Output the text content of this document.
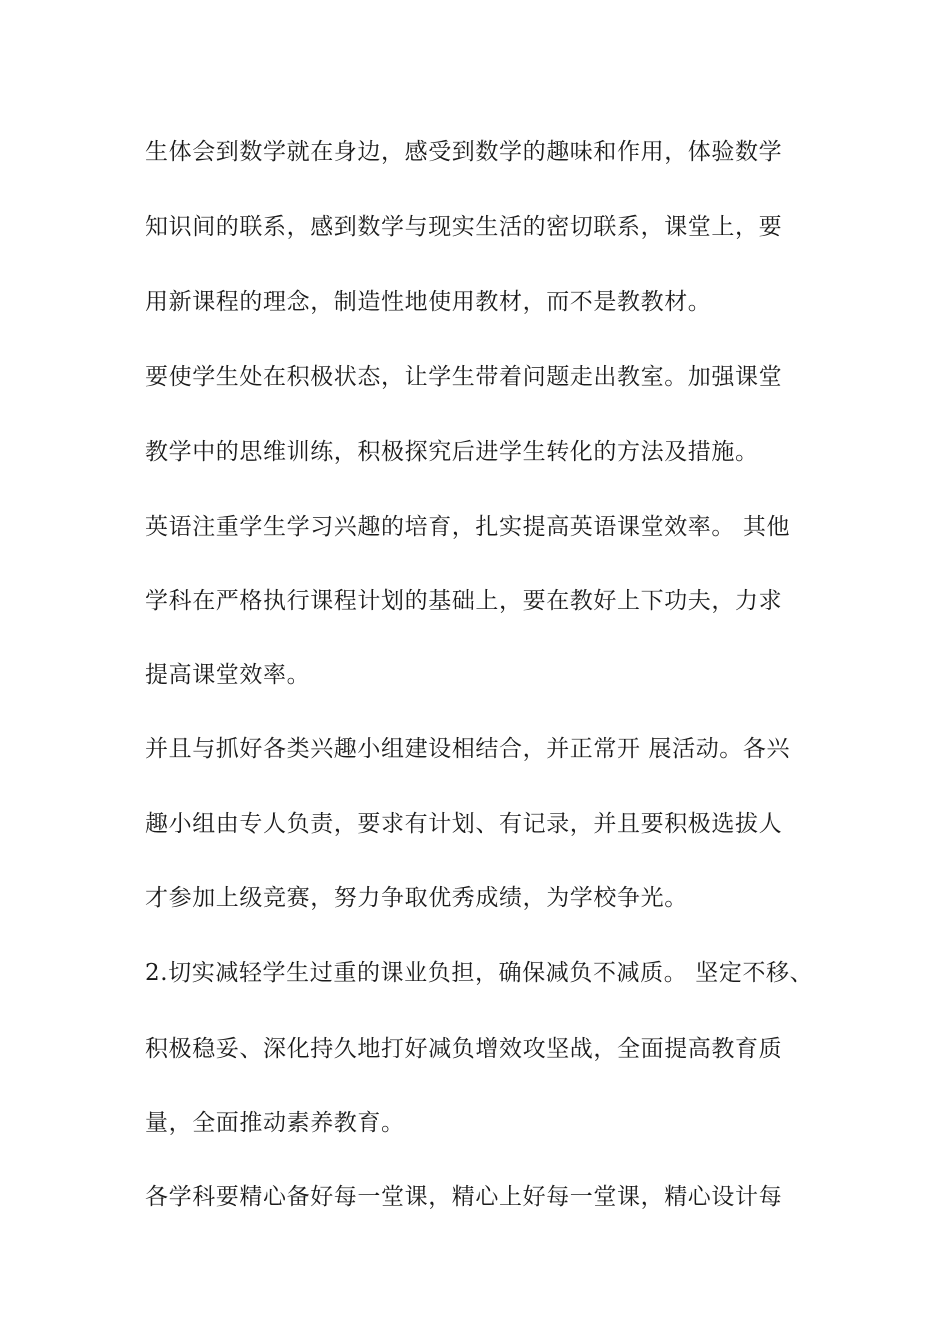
生体会到数学就在身边，感受到数学的趣味和作用，体验数学
知识间的联系，感到数学与现实生活的密切联系，课堂上，要
用新课程的理念，制造性地使用教材，而不是教教材。
要使学生处在积极状态，让学生带着问题走出教室。加强课堂
教学中的思维训练，积极探究后进学生转化的方法及措施。
英语注重学生学习兴趣的培育，扎实提高英语课堂效率。 其他
学科在严格执行课程计划的基础上，要在教好上下功夫，力求
提高课堂效率。
并且与抓好各类兴趣小组建设相结合，并正常开 展活动。各兴
趣小组由专人负责，要求有计划、有记录，并且要积极选拔人
才参加上级竞赛，努力争取优秀成绩，为学校争光。
2.切实减轻学生过重的课业负担，确保减负不减质。 坚定不移、
积极稳妥、深化持久地打好减负增效攻坚战，全面提高教育质
量，全面推动素养教育。
各学科要精心备好每一堂课，精心上好每一堂课，精心设计每
